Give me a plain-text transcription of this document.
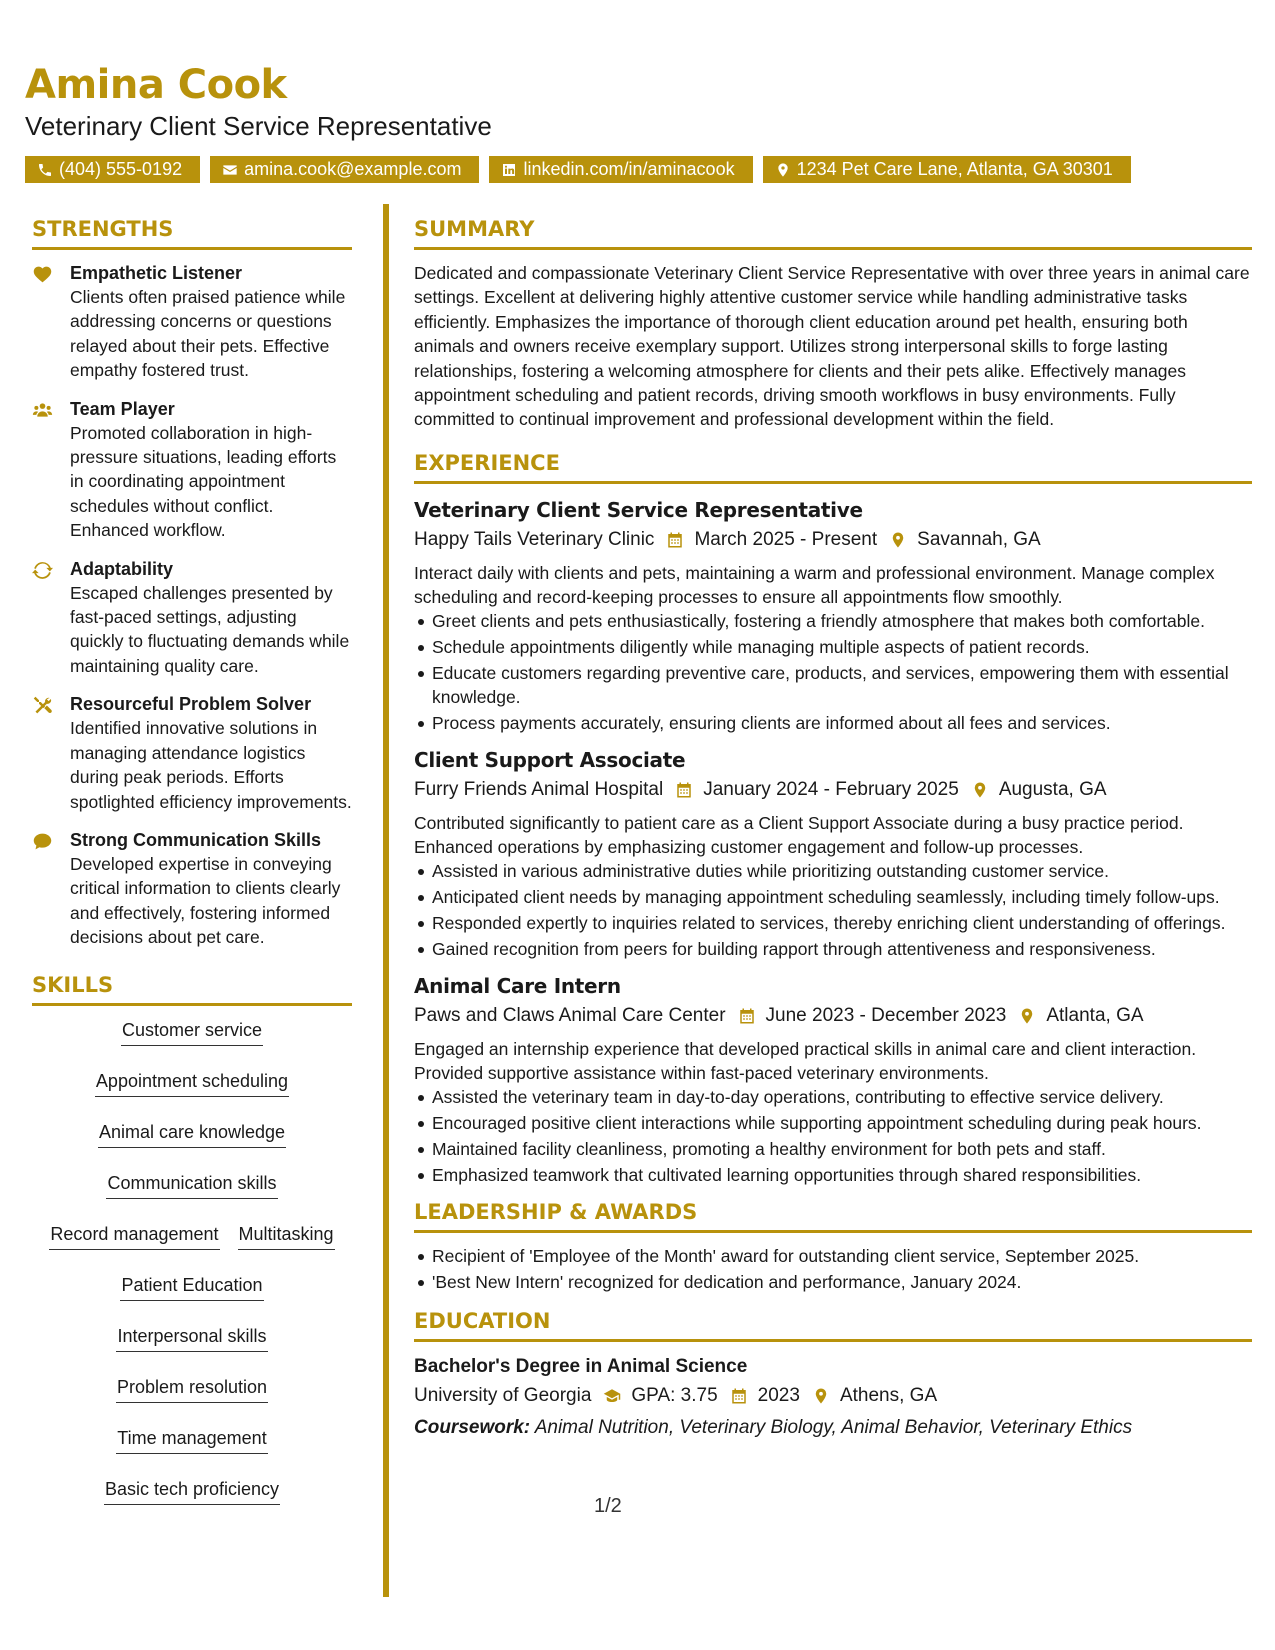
Amina Cook
Veterinary Client Service Representative
(404) 555-0192	amina.cook@example.com	linkedin.com/in/aminacook	1234 Pet Care Lane, Atlanta, GA 30301
STRENGTHS
Empathetic Listener
Clients often praised patience while addressing concerns or questions relayed about their pets. Effective empathy fostered trust.
Team Player
Promoted collaboration in high-pressure situations, leading efforts in coordinating appointment schedules without conflict. Enhanced workflow.
Adaptability
Escaped challenges presented by fast-paced settings, adjusting quickly to fluctuating demands while maintaining quality care.
Resourceful Problem Solver
Identified innovative solutions in managing attendance logistics during peak periods. Efforts spotlighted efficiency improvements.
Strong Communication Skills
Developed expertise in conveying critical information to clients clearly and effectively, fostering informed decisions about pet care.
SKILLS
Customer service
Appointment scheduling
Animal care knowledge
Communication skills
Record management Multitasking
Patient Education
Interpersonal skills
Problem resolution
Time management
Basic tech proficiency
SUMMARY
Dedicated and compassionate Veterinary Client Service Representative with over three years in animal care settings. Excellent at delivering highly attentive customer service while handling administrative tasks efficiently. Emphasizes the importance of thorough client education around pet health, ensuring both animals and owners receive exemplary support. Utilizes strong interpersonal skills to forge lasting relationships, fostering a welcoming atmosphere for clients and their pets alike. Effectively manages appointment scheduling and patient records, driving smooth workflows in busy environments. Fully committed to continual improvement and professional development within the field.
EXPERIENCE
Veterinary Client Service Representative
Happy Tails Veterinary Clinic March 2025 - Present Savannah, GA
Interact daily with clients and pets, maintaining a warm and professional environment. Manage complex scheduling and record-keeping processes to ensure all appointments flow smoothly.
Greet clients and pets enthusiastically, fostering a friendly atmosphere that makes both comfortable.
Schedule appointments diligently while managing multiple aspects of patient records.
Educate customers regarding preventive care, products, and services, empowering them with essential knowledge.
Process payments accurately, ensuring clients are informed about all fees and services.
Client Support Associate
Furry Friends Animal Hospital January 2024 - February 2025 Augusta, GA
Contributed significantly to patient care as a Client Support Associate during a busy practice period. Enhanced operations by emphasizing customer engagement and follow-up processes.
Assisted in various administrative duties while prioritizing outstanding customer service.
Anticipated client needs by managing appointment scheduling seamlessly, including timely follow-ups.
Responded expertly to inquiries related to services, thereby enriching client understanding of offerings.
Gained recognition from peers for building rapport through attentiveness and responsiveness.
Animal Care Intern
Paws and Claws Animal Care Center June 2023 - December 2023 Atlanta, GA
Engaged an internship experience that developed practical skills in animal care and client interaction. Provided supportive assistance within fast-paced veterinary environments.
Assisted the veterinary team in day-to-day operations, contributing to effective service delivery.
Encouraged positive client interactions while supporting appointment scheduling during peak hours.
Maintained facility cleanliness, promoting a healthy environment for both pets and staff.
Emphasized teamwork that cultivated learning opportunities through shared responsibilities.
LEADERSHIP & AWARDS
Recipient of 'Employee of the Month' award for outstanding client service, September 2025.
'Best New Intern' recognized for dedication and performance, January 2024.
EDUCATION
Bachelor's Degree in Animal Science
University of Georgia GPA: 3.75 2023 Athens, GA
Coursework: Animal Nutrition, Veterinary Biology, Animal Behavior, Veterinary Ethics
1/2
